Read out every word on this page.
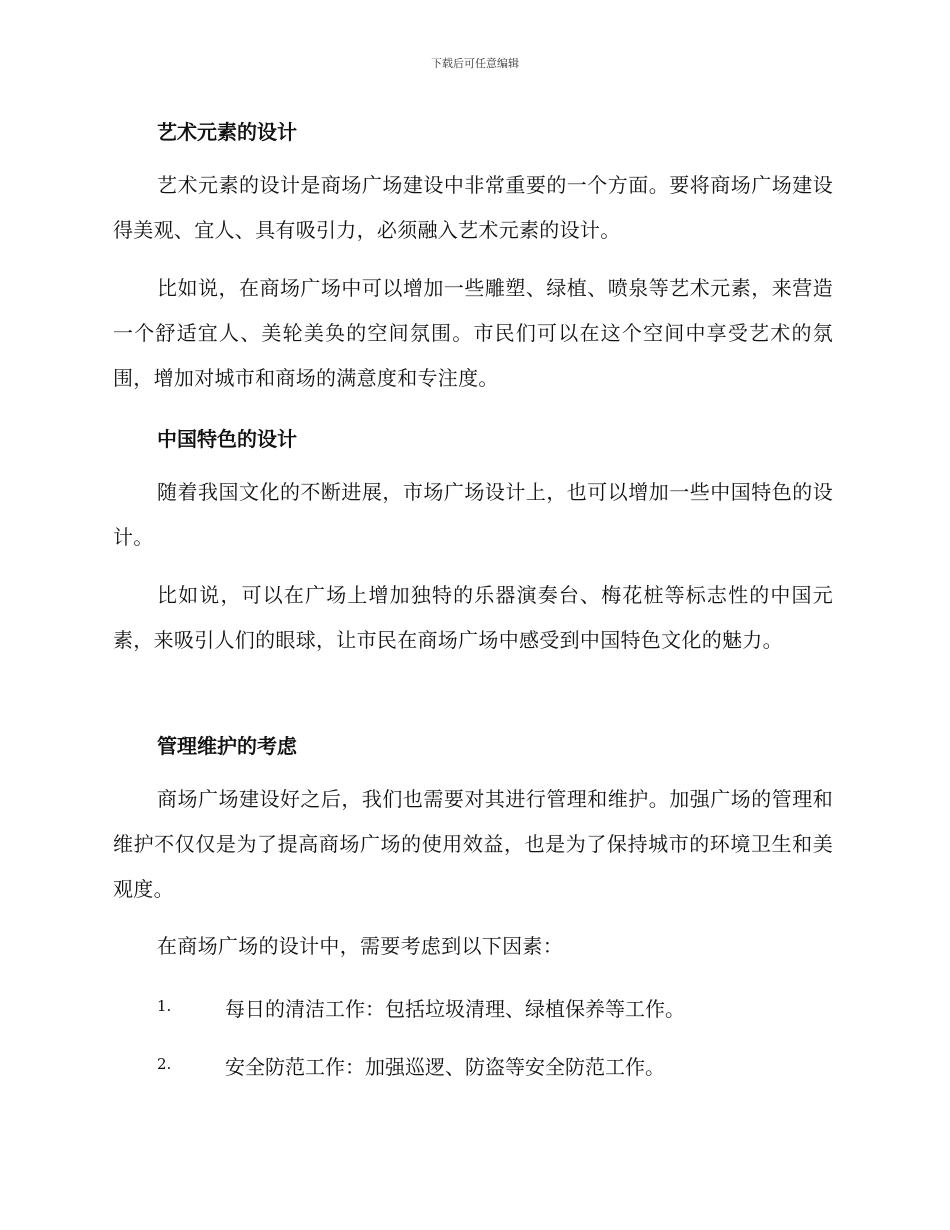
下载后可任意编辑
艺术元素的设计
艺术元素的设计是商场广场建设中非常重要的一个方面。要将商场广场建设得美观、宜人、具有吸引力，必须融入艺术元素的设计。
比如说，在商场广场中可以增加一些雕塑、绿植、喷泉等艺术元素，来营造一个舒适宜人、美轮美奂的空间氛围。市民们可以在这个空间中享受艺术的氛围，增加对城市和商场的满意度和专注度。
中国特色的设计
随着我国文化的不断进展，市场广场设计上，也可以增加一些中国特色的设计。
比如说，可以在广场上增加独特的乐器演奏台、梅花桩等标志性的中国元素，来吸引人们的眼球，让市民在商场广场中感受到中国特色文化的魅力。
管理维护的考虑
商场广场建设好之后，我们也需要对其进行管理和维护。加强广场的管理和维护不仅仅是为了提高商场广场的使用效益，也是为了保持城市的环境卫生和美观度。
在商场广场的设计中，需要考虑到以下因素：
1.	每日的清洁工作：包括垃圾清理、绿植保养等工作。
2.	安全防范工作：加强巡逻、防盗等安全防范工作。
